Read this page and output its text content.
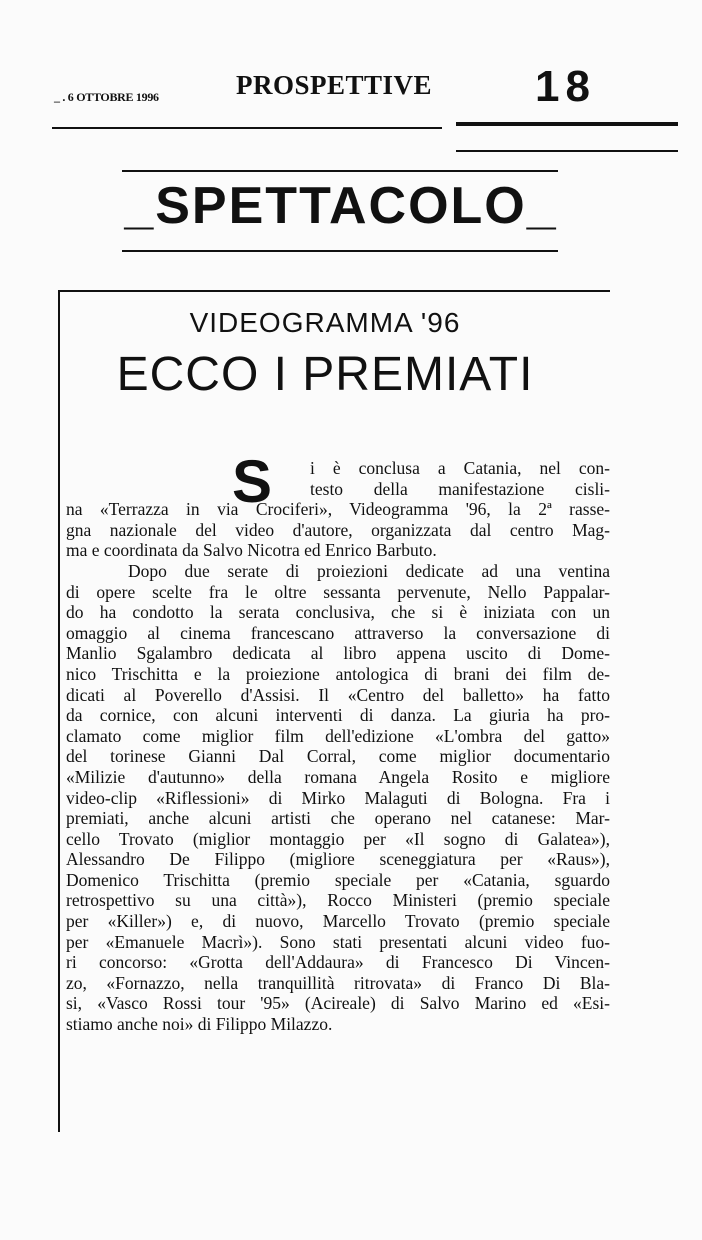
_ . 6 OTTOBRE 1996	PROSPETTIVE 18
_SPETTACOLO_
VIDEOGRAMMA '96
ECCO I PREMIATI
S i è conclusa a Catania, nel con-
testo della manifestazione cisli-
na «Terrazza in via Crociferi», Videogramma '96, la 2ª rasse-
gna nazionale del video d'autore, organizzata dal centro Mag-
ma e coordinata da Salvo Nicotra ed Enrico Barbuto.
Dopo due serate di proiezioni dedicate ad una ventina
di opere scelte fra le oltre sessanta pervenute, Nello Pappalar-
do ha condotto la serata conclusiva, che si è iniziata con un
omaggio al cinema francescano attraverso la conversazione di
Manlio Sgalambro dedicata al libro appena uscito di Dome-
nico Trischitta e la proiezione antologica di brani dei film de-
dicati al Poverello d'Assisi. Il «Centro del balletto» ha fatto
da cornice, con alcuni interventi di danza. La giuria ha pro-
clamato come miglior film dell'edizione «L'ombra del gatto»
del torinese Gianni Dal Corral, come miglior documentario
«Milizie d'autunno» della romana Angela Rosito e migliore
video-clip «Riflessioni» di Mirko Malaguti di Bologna. Fra i
premiati, anche alcuni artisti che operano nel catanese: Mar-
cello Trovato (miglior montaggio per «Il sogno di Galatea»),
Alessandro De Filippo (migliore sceneggiatura per «Raus»),
Domenico Trischitta (premio speciale per «Catania, sguardo
retrospettivo su una città»), Rocco Ministeri (premio speciale
per «Killer») e, di nuovo, Marcello Trovato (premio speciale
per «Emanuele Macrì»). Sono stati presentati alcuni video fuo-
ri concorso: «Grotta dell'Addaura» di Francesco Di Vincen-
zo, «Fornazzo, nella tranquillità ritrovata» di Franco Di Bla-
si, «Vasco Rossi tour '95» (Acireale) di Salvo Marino ed «Esi-
stiamo anche noi» di Filippo Milazzo.
